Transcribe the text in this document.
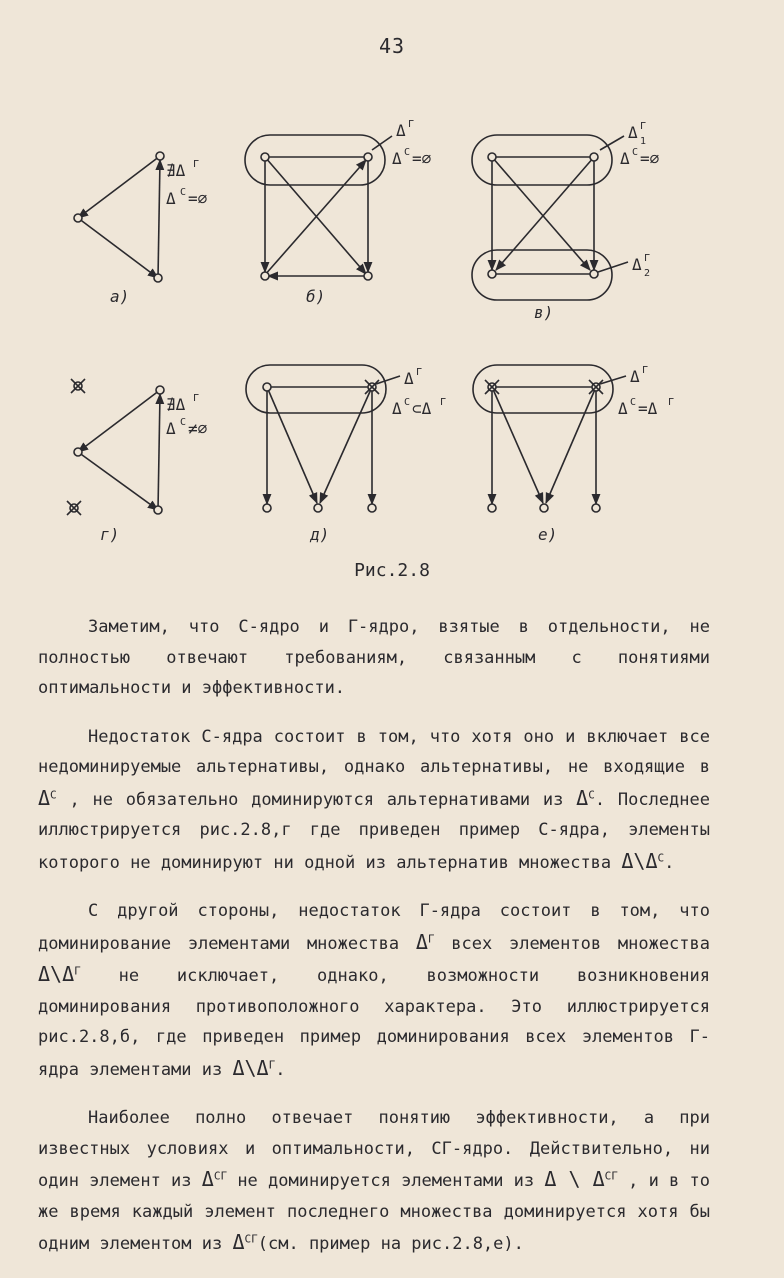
43
∄Δ Г
Δ С =∅
а)
Δ Г
Δ С =∅
б)
Δ Г
1
Δ С =∅
Δ Г
2
в)
∄Δ Г
Δ С ≠∅
г)
Δ Г
Δ С ⊂Δ Г
д)
Δ Г
Δ С =Δ Г
е)
Рис.2.8

Заметим, что С-ядро и Г-ядро, взятые в отдельности, не полностью отвечают требованиям, связанным с понятиями оптимальности и эффективности.

Недостаток С-ядра состоит в том, что хотя оно и включает все недоминируемые альтернативы, однако альтернативы, не входящие в $\Delta^С$ , не обязательно доминируются альтернативами из $\Delta^С$. Последнее иллюстрируется рис.2.8,г где приведен пример С-ядра, элементы которого не доминируют ни одной из альтернатив множества $\Delta\backslash\Delta^С$.

С другой стороны, недостаток Г-ядра состоит в том, что доминирование элементами множества $\Delta^Г$ всех элементов множества $\Delta\backslash\Delta^Г$ не исключает, однако, возможности возникновения доминирования противоположного характера. Это иллюстрируется рис.2.8,б, где приведен пример доминирования всех элементов Г-ядра элементами из $\Delta\backslash\Delta^Г$.

Наиболее полно отвечает понятию эффективности, а при известных условиях и оптимальности, СГ-ядро. Действительно, ни один элемент из $\Delta^{СГ}$ не доминируется элементами из Δ \ $\Delta^{СГ}$ , и в то же время каждый элемент последнего множества доминируется хотя бы одним элементом из $\Delta^{СГ}(см$. пример на рис.2.8,е).
